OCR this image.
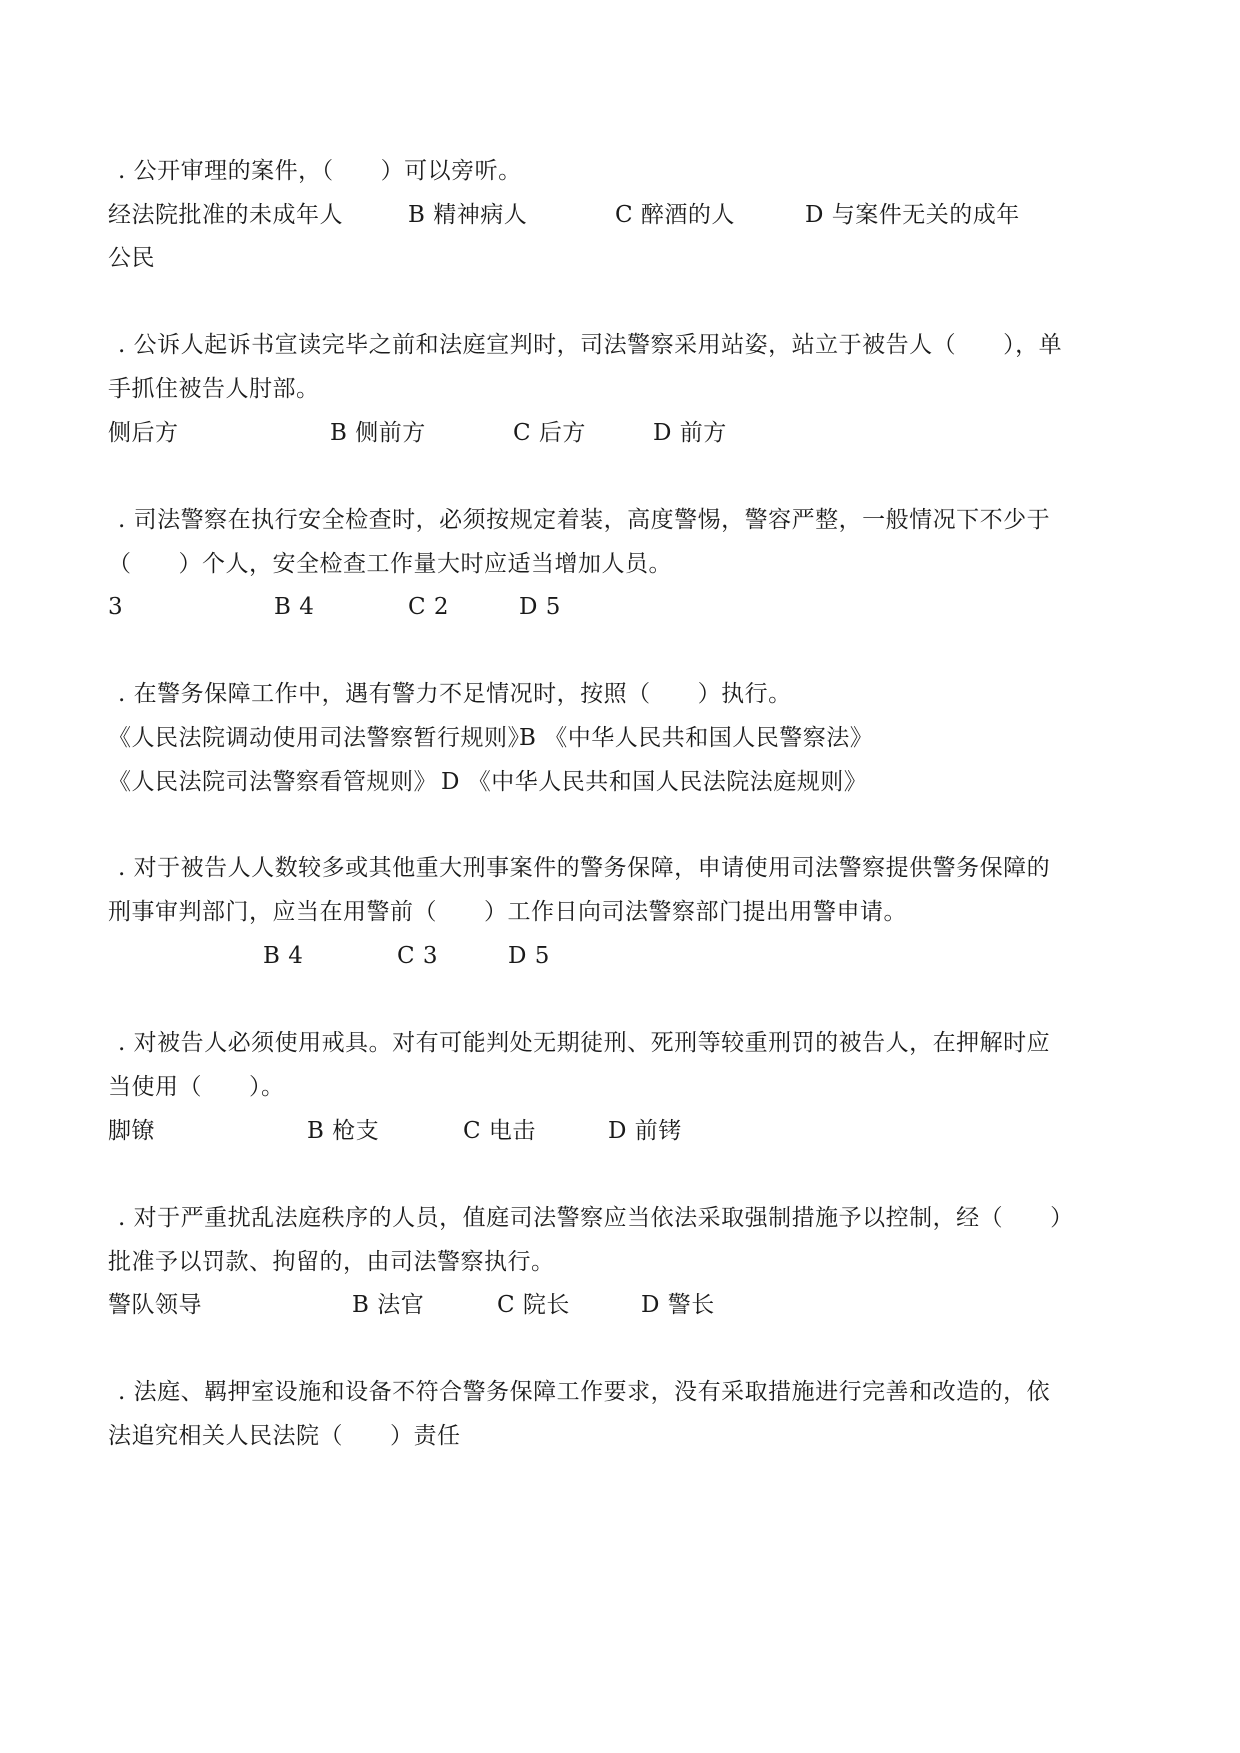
. 公开审理的案件，（　　）可以旁听。
经法院批准的未成年人	B 精神病人	C 醉酒的人	D 与案件无关的成年
公民
. 公诉人起诉书宣读完毕之前和法庭宣判时，司法警察采用站姿，站立于被告人（　　），单
手抓住被告人肘部。
侧后方	B 侧前方	C 后方	D 前方
. 司法警察在执行安全检查时，必须按规定着装，高度警惕，警容严整，一般情况下不少于
（　　）个人，安全检查工作量大时应适当增加人员。
3	B 4	C 2	D 5
. 在警务保障工作中，遇有警力不足情况时，按照（　　）执行。
《人民法院调动使用司法警察暂行规则》
B 《中华人民共和国人民警察法》
《人民法院司法警察看管规则》 D 《中华人民共和国人民法院法庭规则》
. 对于被告人人数较多或其他重大刑事案件的警务保障，申请使用司法警察提供警务保障的
刑事审判部门，应当在用警前（　　）工作日向司法警察部门提出用警申请。
B 4	C 3	D 5
. 对被告人必须使用戒具。对有可能判处无期徒刑、死刑等较重刑罚的被告人，在押解时应
当使用（　　）。
脚镣	B 枪支	C 电击	D 前铐
. 对于严重扰乱法庭秩序的人员，值庭司法警察应当依法采取强制措施予以控制，经（　　）
批准予以罚款、拘留的，由司法警察执行。
警队领导	B 法官	C 院长	D 警长
. 法庭、羁押室设施和设备不符合警务保障工作要求，没有采取措施进行完善和改造的，依
法追究相关人民法院（　　）责任
